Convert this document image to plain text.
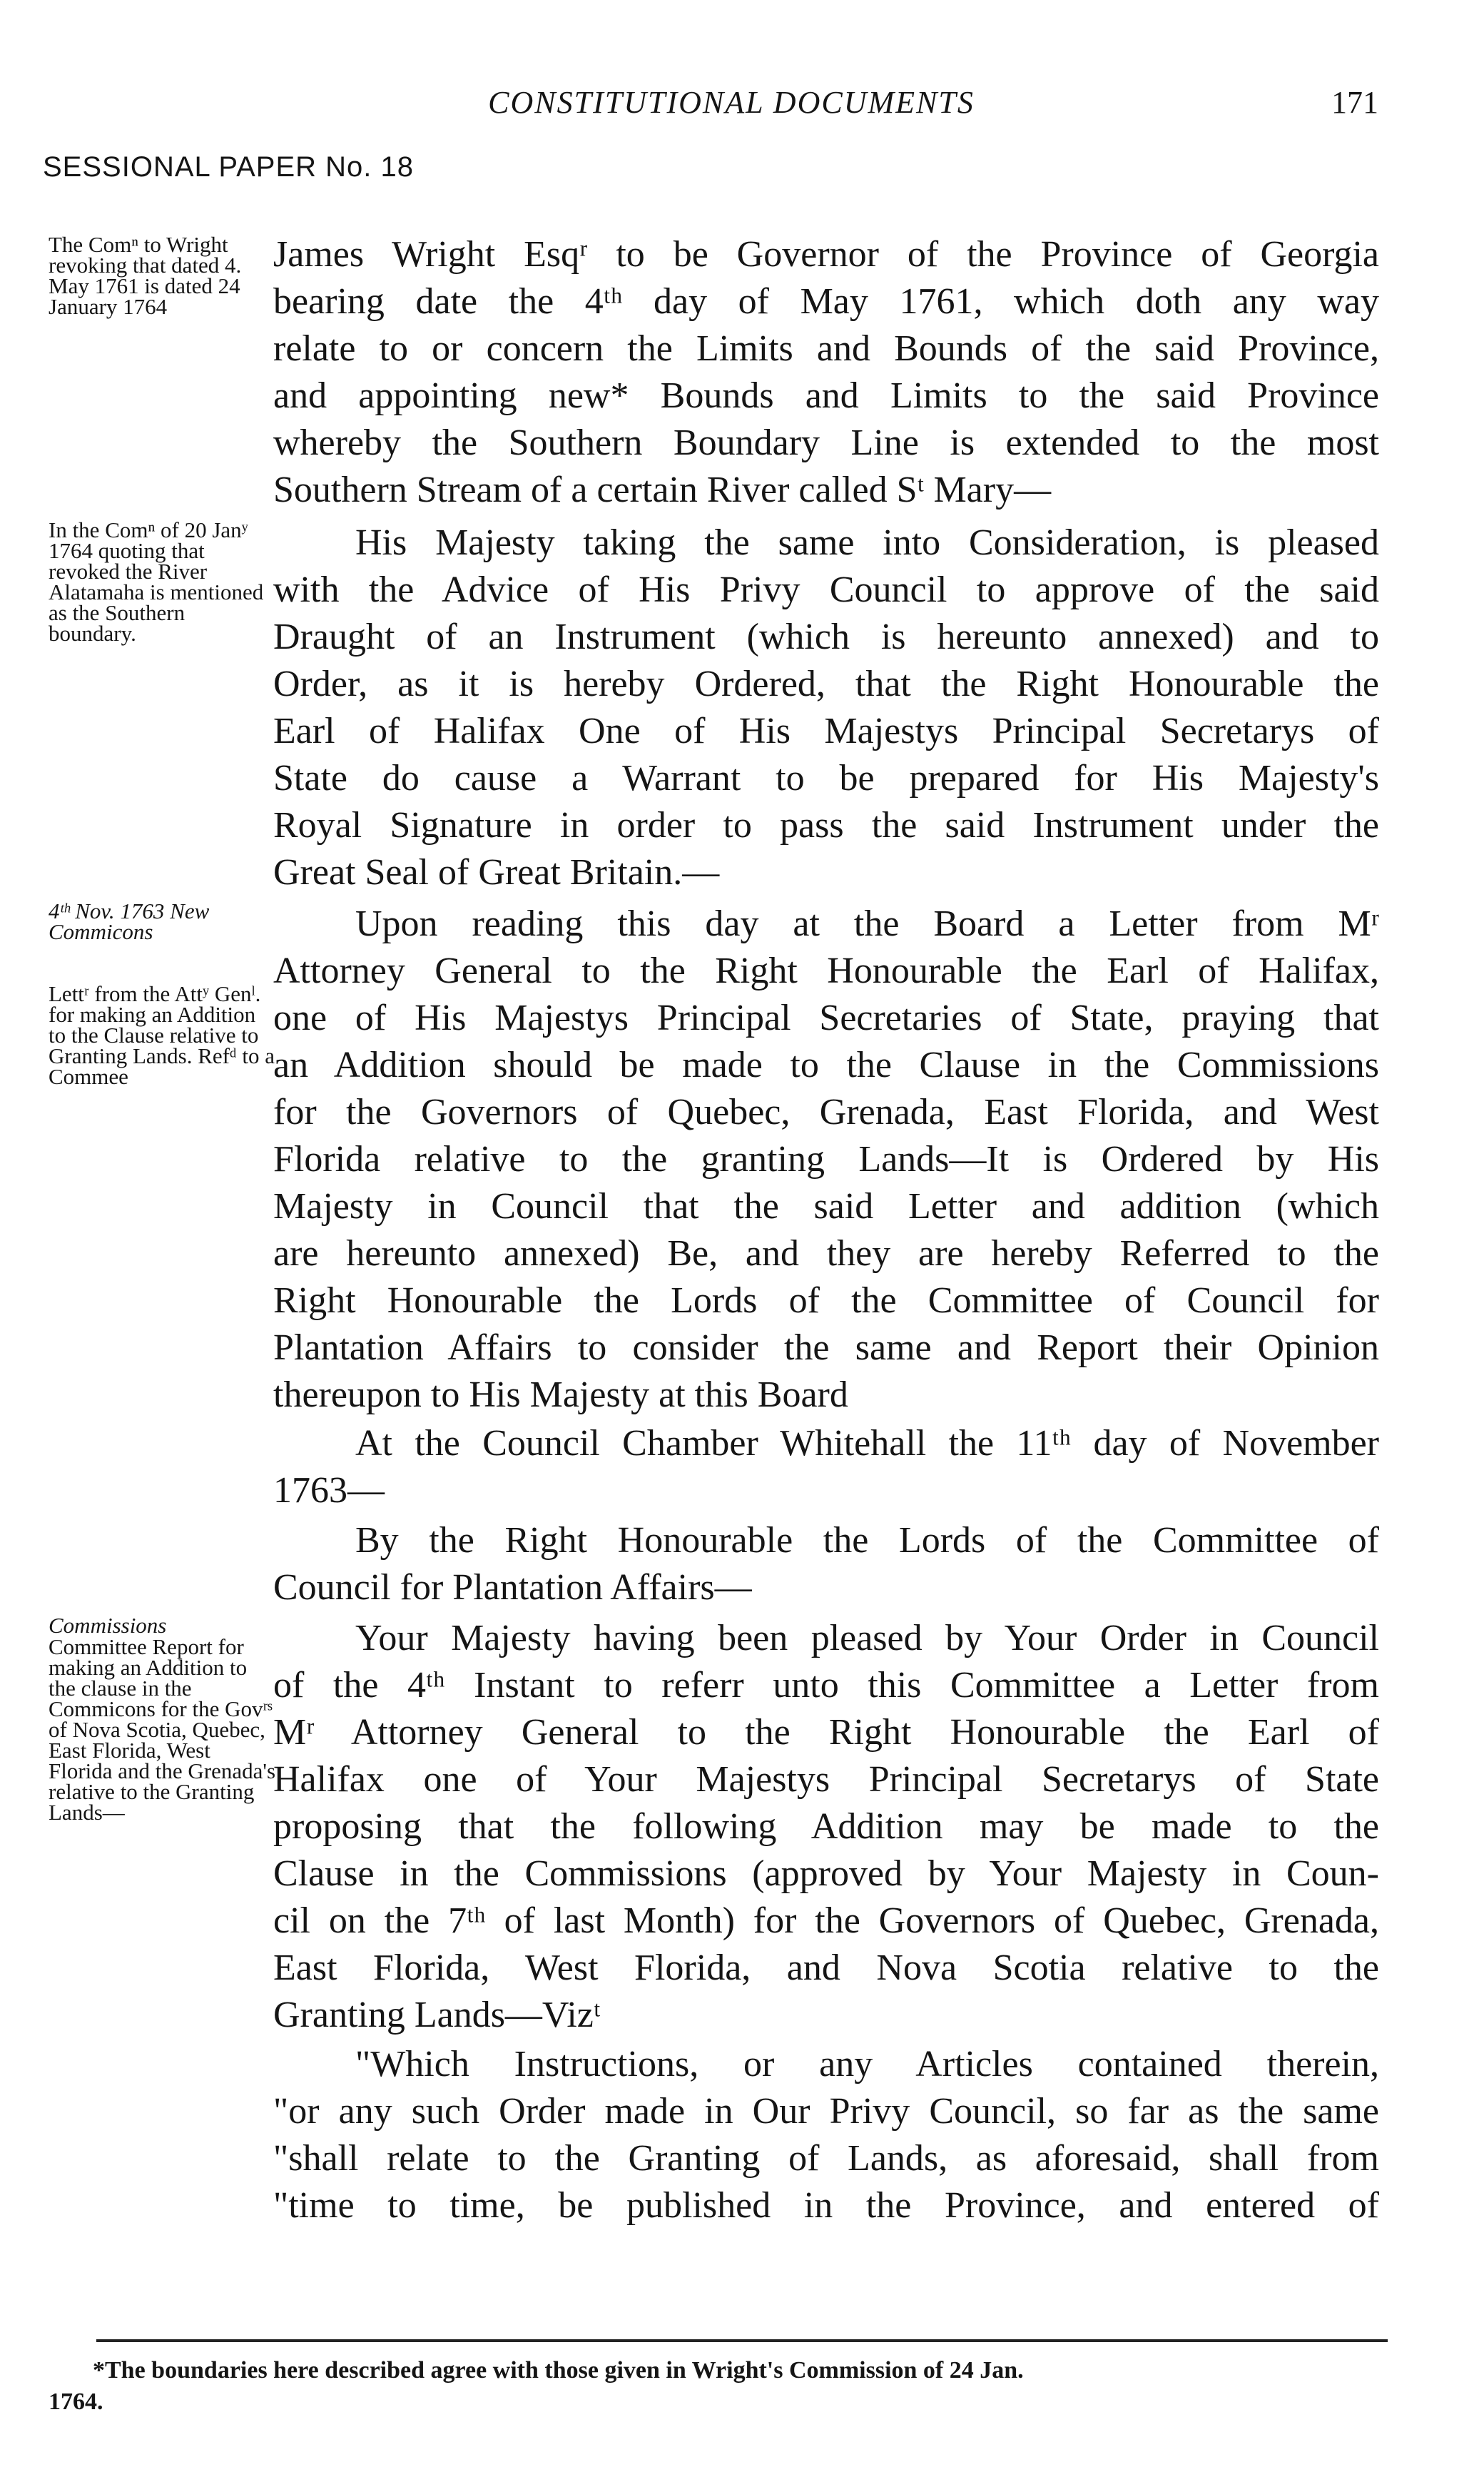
CONSTITUTIONAL DOCUMENTS	171
SESSIONAL PAPER No. 18
The Comⁿ to Wright revoking that dated 4. May 1761 is dated 24 January 1764
In the Comⁿ of 20 Janʸ 1764 quoting that revoked the River Alatamaha is mentioned as the Southern boundary.
4ᵗʰ Nov. 1763 New Commicons
Lettʳ from the Attʸ Genˡ. for making an Addition to the Clause relative to Granting Lands. Refᵈ to a Commee
Commissions
Committee Report for making an Addition to the clause in the Commicons for the Govʳˢ of Nova Scotia, Quebec, East Florida, West Florida and the Grenada's relative to the Granting Lands—
James Wright Esqʳ to be Governor of the Province of Georgia
bearing date the 4ᵗʰ day of May 1761, which doth any way
relate to or concern the Limits and Bounds of the said Province,
and appointing new* Bounds and Limits to the said Province
whereby the Southern Boundary Line is extended to the most
Southern Stream of a certain River called Sᵗ Mary—
His Majesty taking the same into Consideration, is pleased
with the Advice of His Privy Council to approve of the said
Draught of an Instrument (which is hereunto annexed) and to
Order, as it is hereby Ordered, that the Right Honourable the
Earl of Halifax One of His Majestys Principal Secretarys of
State do cause a Warrant to be prepared for His Majesty's
Royal Signature in order to pass the said Instrument under the
Great Seal of Great Britain.—
Upon reading this day at the Board a Letter from Mʳ
Attorney General to the Right Honourable the Earl of Halifax,
one of His Majestys Principal Secretaries of State, praying that
an Addition should be made to the Clause in the Commissions
for the Governors of Quebec, Grenada, East Florida, and West
Florida relative to the granting Lands—It is Ordered by His
Majesty in Council that the said Letter and addition (which
are hereunto annexed) Be, and they are hereby Referred to the
Right Honourable the Lords of the Committee of Council for
Plantation Affairs to consider the same and Report their Opinion
thereupon to His Majesty at this Board
At the Council Chamber Whitehall the 11ᵗʰ day of November
1763—
By the Right Honourable the Lords of the Committee of
Council for Plantation Affairs—
Your Majesty having been pleased by Your Order in Council
of the 4ᵗʰ Instant to referr unto this Committee a Letter from
Mʳ Attorney General to the Right Honourable the Earl of
Halifax one of Your Majestys Principal Secretarys of State
proposing that the following Addition may be made to the
Clause in the Commissions (approved by Your Majesty in Coun-
cil on the 7ᵗʰ of last Month) for the Governors of Quebec, Grenada,
East Florida, West Florida, and Nova Scotia relative to the
Granting Lands—Vizᵗ
"Which Instructions, or any Articles contained therein,
"or any such Order made in Our Privy Council, so far as the same
"shall relate to the Granting of Lands, as aforesaid, shall from
"time to time, be published in the Province, and entered of
*The boundaries here described agree with those given in Wright's Commission of 24 Jan.
1764.
